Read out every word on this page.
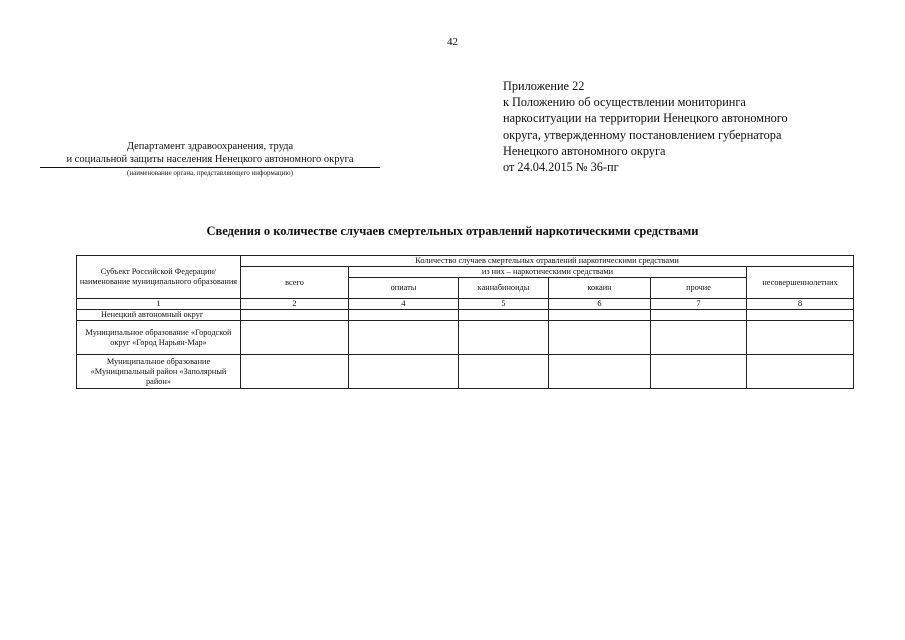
42
Приложение 22
к Положению об осуществлении мониторинга
наркоситуации на территории Ненецкого автономного
округа, утвержденному постановлением губернатора
Ненецкого автономного округа
от 24.04.2015 № 36-пг
Департамент здравоохранения, труда
и социальной защиты населения Ненецкого автономного округа
(наименование органа, представляющего информацию)
Сведения о количестве случаев смертельных отравлений наркотическими средствами
Субъект Российской Федерации/ наименование муниципального образования	Количество случаев смертельных отравлений наркотическими средствами					
	всего	из них – наркотическими средствами				несовершеннолетних
		опиаты	каннабиноиды	кокаин	прочие	
1	2	4	5	6	7	8
Ненецкий автономный округ						
Муниципальное образование «Городской округ «Город Нарьян-Мар»						
Муниципальное образование «Муниципальный район «Заполярный район»						
